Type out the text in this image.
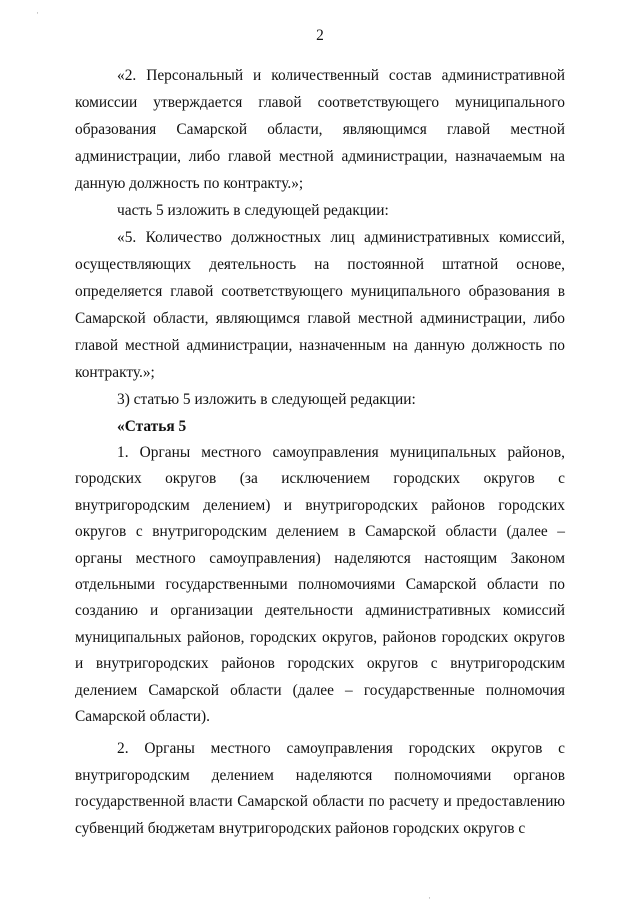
·
2

«2. Персональный и количественный состав административной комиссии утверждается главой соответствующего муниципального образования Самарской области, являющимся главой местной администрации, либо главой местной администрации, назначаемым на данную должность по контракту.»;

часть 5 изложить в следующей редакции:

«5. Количество должностных лиц административных комиссий, осуществляющих деятельность на постоянной штатной основе, определяется главой соответствующего муниципального образования в Самарской области, являющимся главой местной администрации, либо главой местной администрации, назначенным на данную должность по контракту.»;

3) статью 5 изложить в следующей редакции:

«Статья 5

1. Органы местного самоуправления муниципальных районов, городских округов (за исключением городских округов с внутригородским делением) и внутригородских районов городских округов с внутригородским делением в Самарской области (далее – органы местного самоуправления) наделяются настоящим Законом отдельными государственными полномочиями Самарской области по созданию и организации деятельности административных комиссий муниципальных районов, городских округов, районов городских округов и внутригородских районов городских округов с внутригородским делением Самарской области (далее – государственные полномочия Самарской области).

2. Органы местного самоуправления городских округов с внутригородским делением наделяются полномочиями органов государственной власти Самарской области по расчету и предоставлению субвенций бюджетам внутригородских районов городских округов с

·
